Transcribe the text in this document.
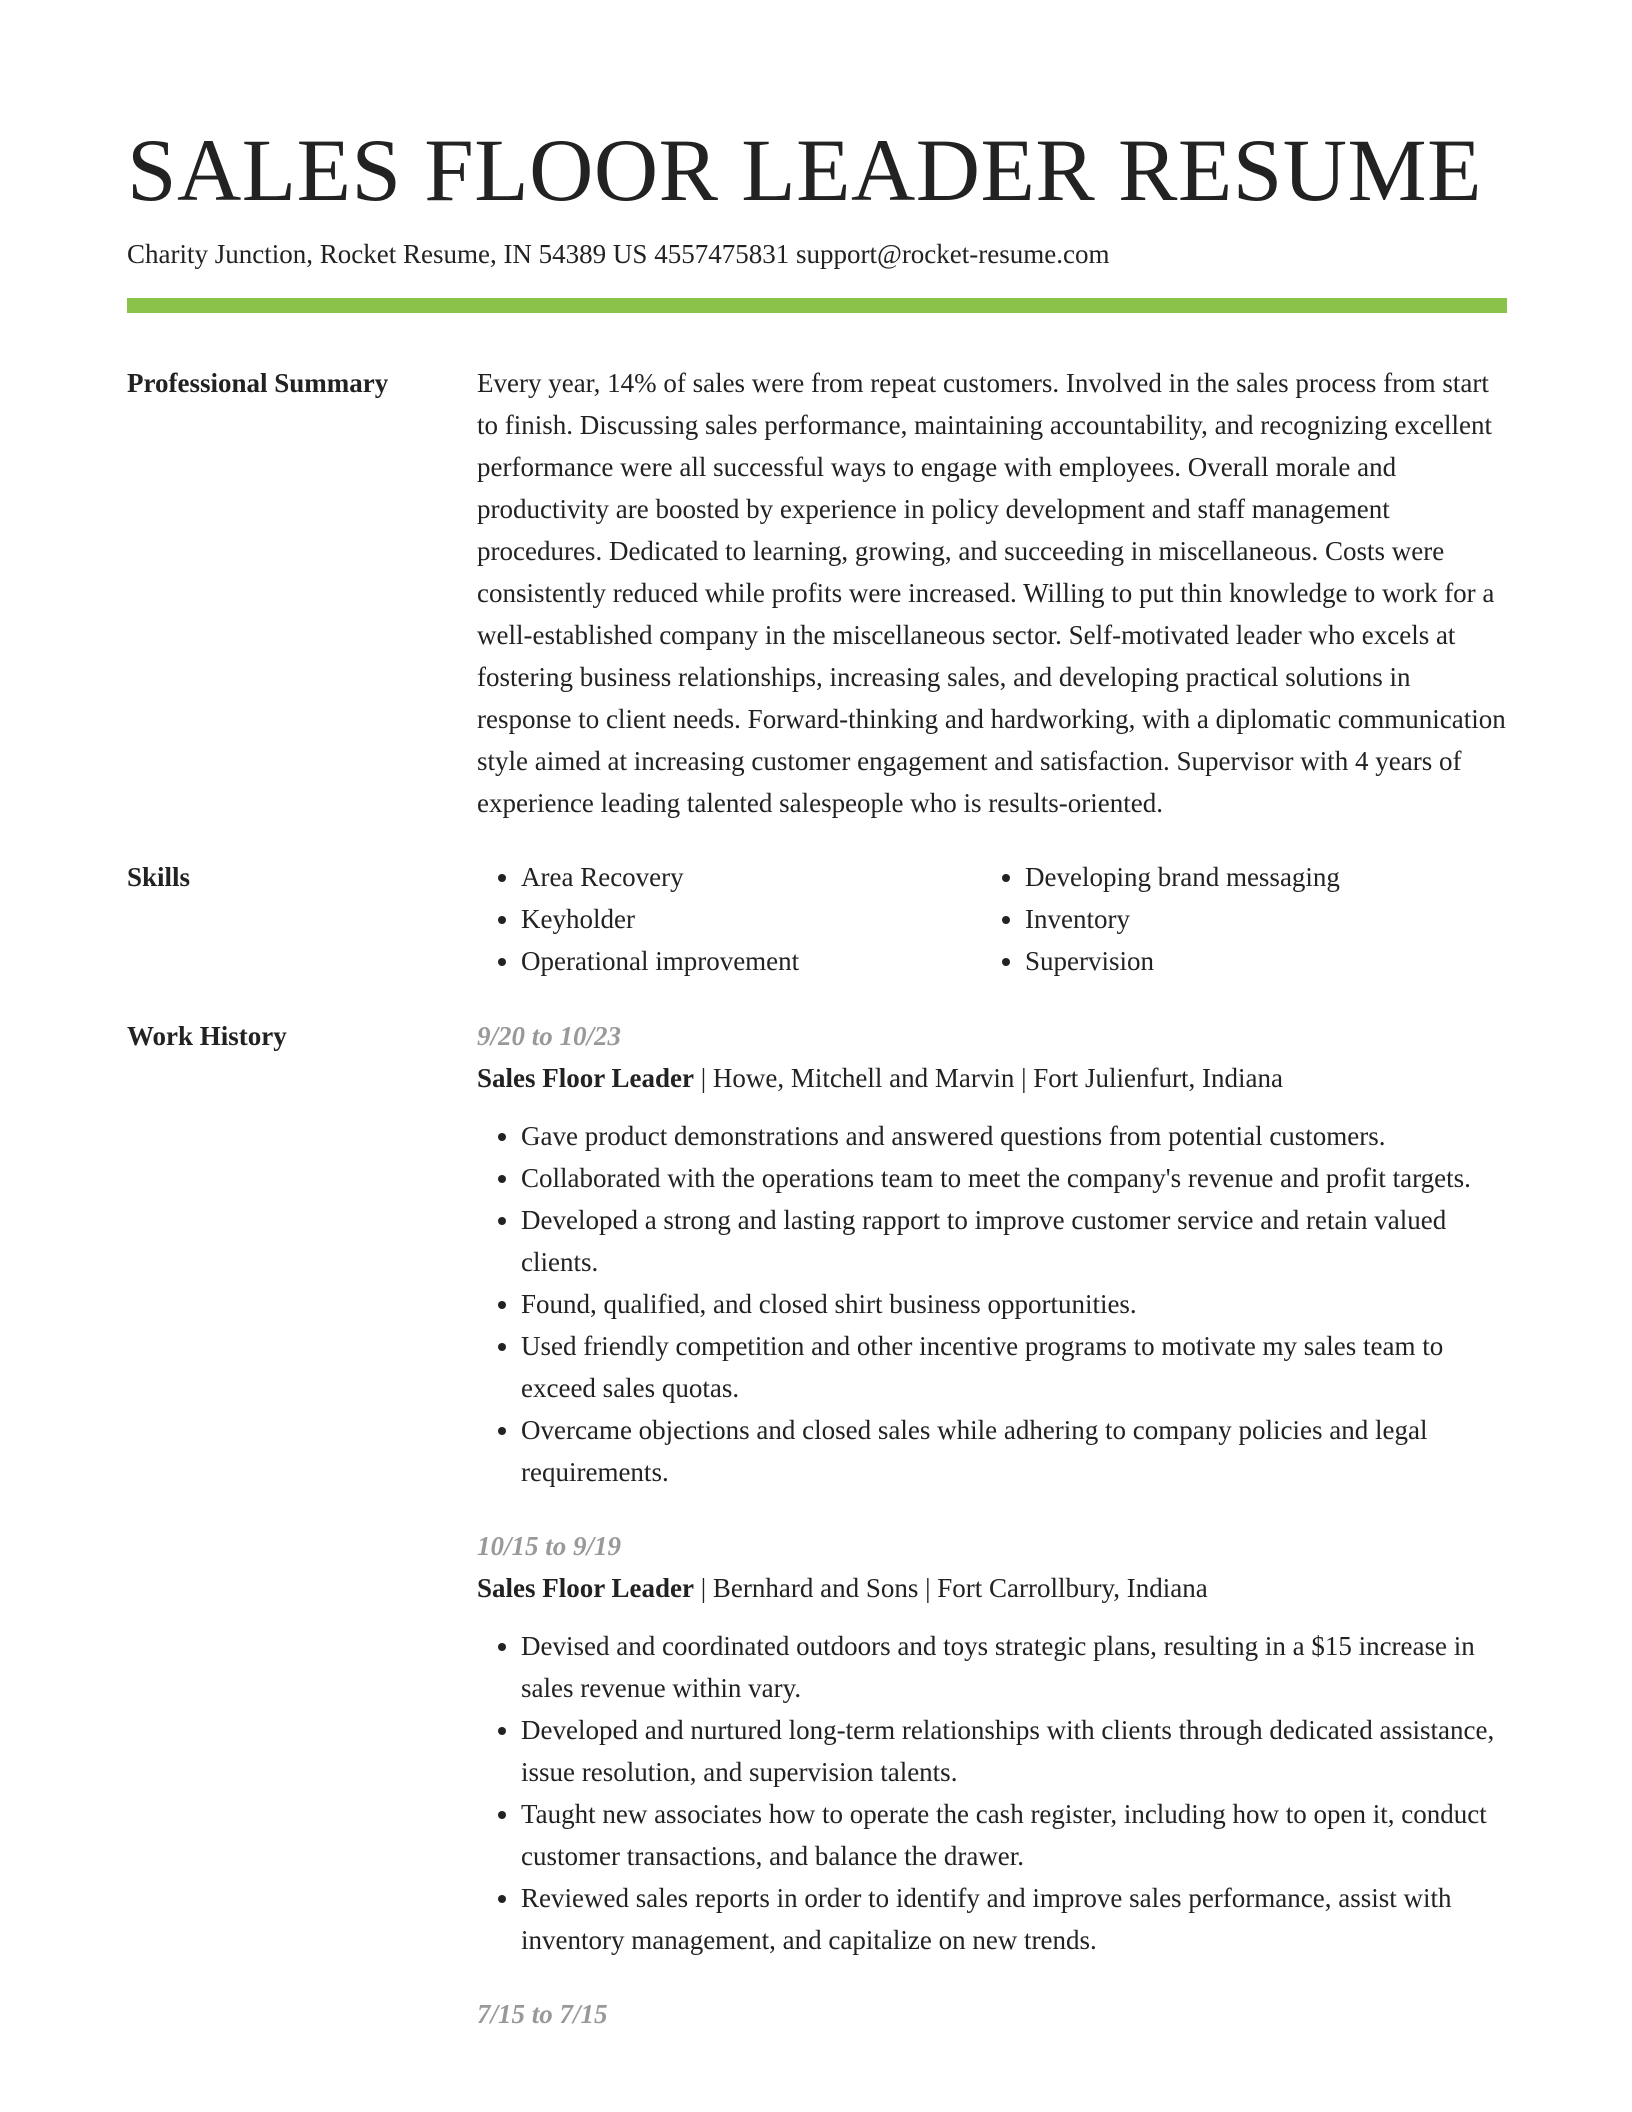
SALES FLOOR LEADER RESUME
Charity Junction, Rocket Resume, IN 54389 US 4557475831 support@rocket-resume.com
Professional Summary	Every year, 14% of sales were from repeat customers. Involved in the sales process from start to finish. Discussing sales performance, maintaining accountability, and recognizing excellent performance were all successful ways to engage with employees. Overall morale and productivity are boosted by experience in policy development and staff management procedures. Dedicated to learning, growing, and succeeding in miscellaneous. Costs were consistently reduced while profits were increased. Willing to put thin knowledge to work for a well-established company in the miscellaneous sector. Self-motivated leader who excels at fostering business relationships, increasing sales, and developing practical solutions in response to client needs. Forward-thinking and hardworking, with a diplomatic communication style aimed at increasing customer engagement and satisfaction. Supervisor with 4 years of experience leading talented salespeople who is results-oriented.
Skills
•	Area Recovery
• Keyholder
• Operational improvement
• Developing brand messaging
• Inventory
• Supervision
Work History	9/20 to 10/23
Sales Floor Leader | Howe, Mitchell and Marvin | Fort Julienfurt, Indiana
• Gave product demonstrations and answered questions from potential customers.
• Collaborated with the operations team to meet the company's revenue and profit targets.
• Developed a strong and lasting rapport to improve customer service and retain valued clients.
• Found, qualified, and closed shirt business opportunities.
• Used friendly competition and other incentive programs to motivate my sales team to exceed sales quotas.
• Overcame objections and closed sales while adhering to company policies and legal requirements.
10/15 to 9/19
Sales Floor Leader | Bernhard and Sons | Fort Carrollbury, Indiana
• Devised and coordinated outdoors and toys strategic plans, resulting in a $15 increase in sales revenue within vary.
• Developed and nurtured long-term relationships with clients through dedicated assistance, issue resolution, and supervision talents.
• Taught new associates how to operate the cash register, including how to open it, conduct customer transactions, and balance the drawer.
• Reviewed sales reports in order to identify and improve sales performance, assist with inventory management, and capitalize on new trends.
7/15 to 7/15
